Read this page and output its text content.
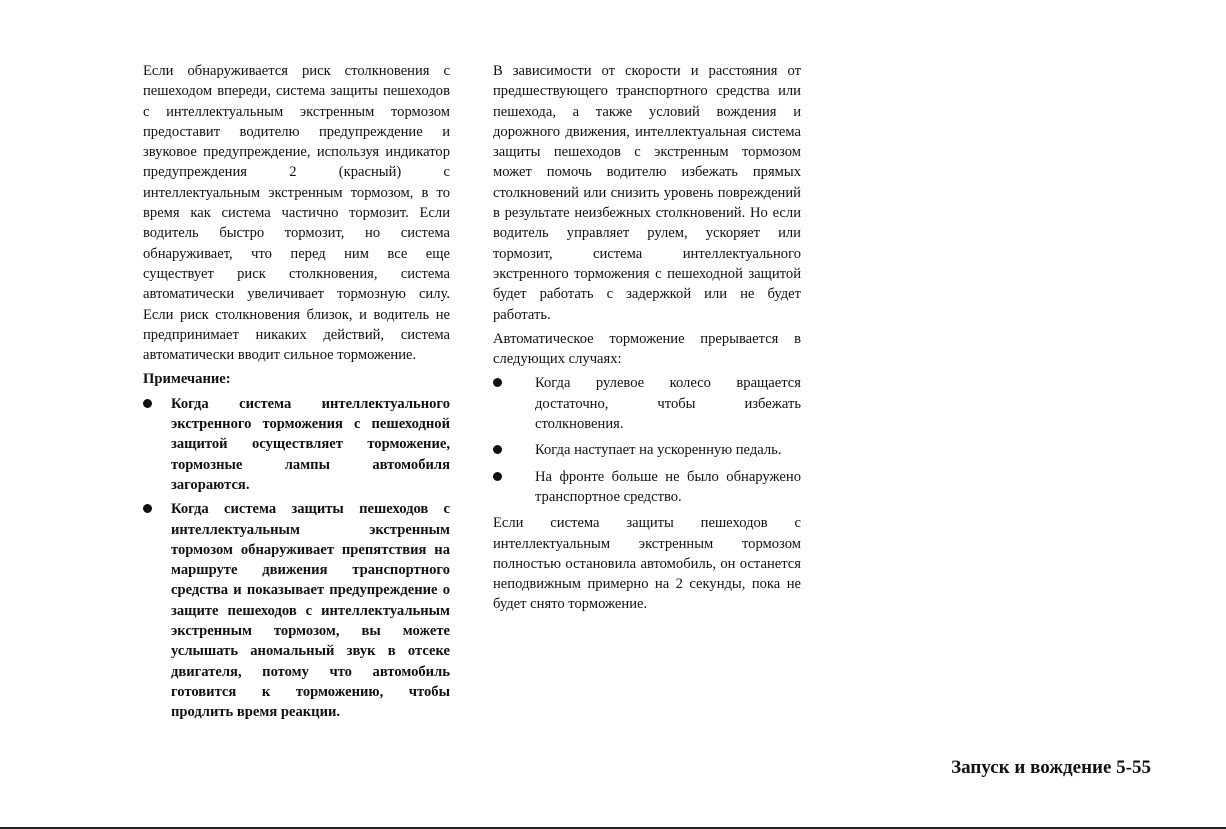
Если обнаруживается риск столкновения с пешеходом впереди, система защиты пешеходов с интеллектуальным экстренным тормозом предоставит водителю предупреждение и звуковое предупреждение, используя индикатор предупреждения 2 (красный) с интеллектуальным экстренным тормозом, в то время как система частично тормозит. Если водитель быстро тормозит, но система обнаруживает, что перед ним все еще существует риск столкновения, система автоматически увеличивает тормозную силу. Если риск столкновения близок, и водитель не предпринимает никаких действий, система автоматически вводит сильное торможение.

Примечание:

Когда система интеллектуального экстренного торможения с пешеходной защитой осуществляет торможение, тормозные лампы автомобиля загораются.
Когда система защиты пешеходов с интеллектуальным экстренным тормозом обнаруживает препятствия на маршруте движения транспортного средства и показывает предупреждение о защите пешеходов с интеллектуальным экстренным тормозом, вы можете услышать аномальный звук в отсеке двигателя, потому что автомобиль готовится к торможению, чтобы продлить время реакции.

В зависимости от скорости и расстояния от предшествующего транспортного средства или пешехода, а также условий вождения и дорожного движения, интеллектуальная система защиты пешеходов с экстренным тормозом может помочь водителю избежать прямых столкновений или снизить уровень повреждений в результате неизбежных столкновений. Но если водитель управляет рулем, ускоряет или тормозит, система интеллектуального экстренного торможения с пешеходной защитой будет работать с задержкой или не будет работать.

Автоматическое торможение прерывается в следующих случаях:

Когда рулевое колесо вращается достаточно, чтобы избежать столкновения.
Когда наступает на ускоренную педаль.
На фронте больше не было обнаружено транспортное средство.

Если система защиты пешеходов с интеллектуальным экстренным тормозом полностью остановила автомобиль, он останется неподвижным примерно на 2 секунды, пока не будет снято торможение.

Запуск и вождение 5-55
